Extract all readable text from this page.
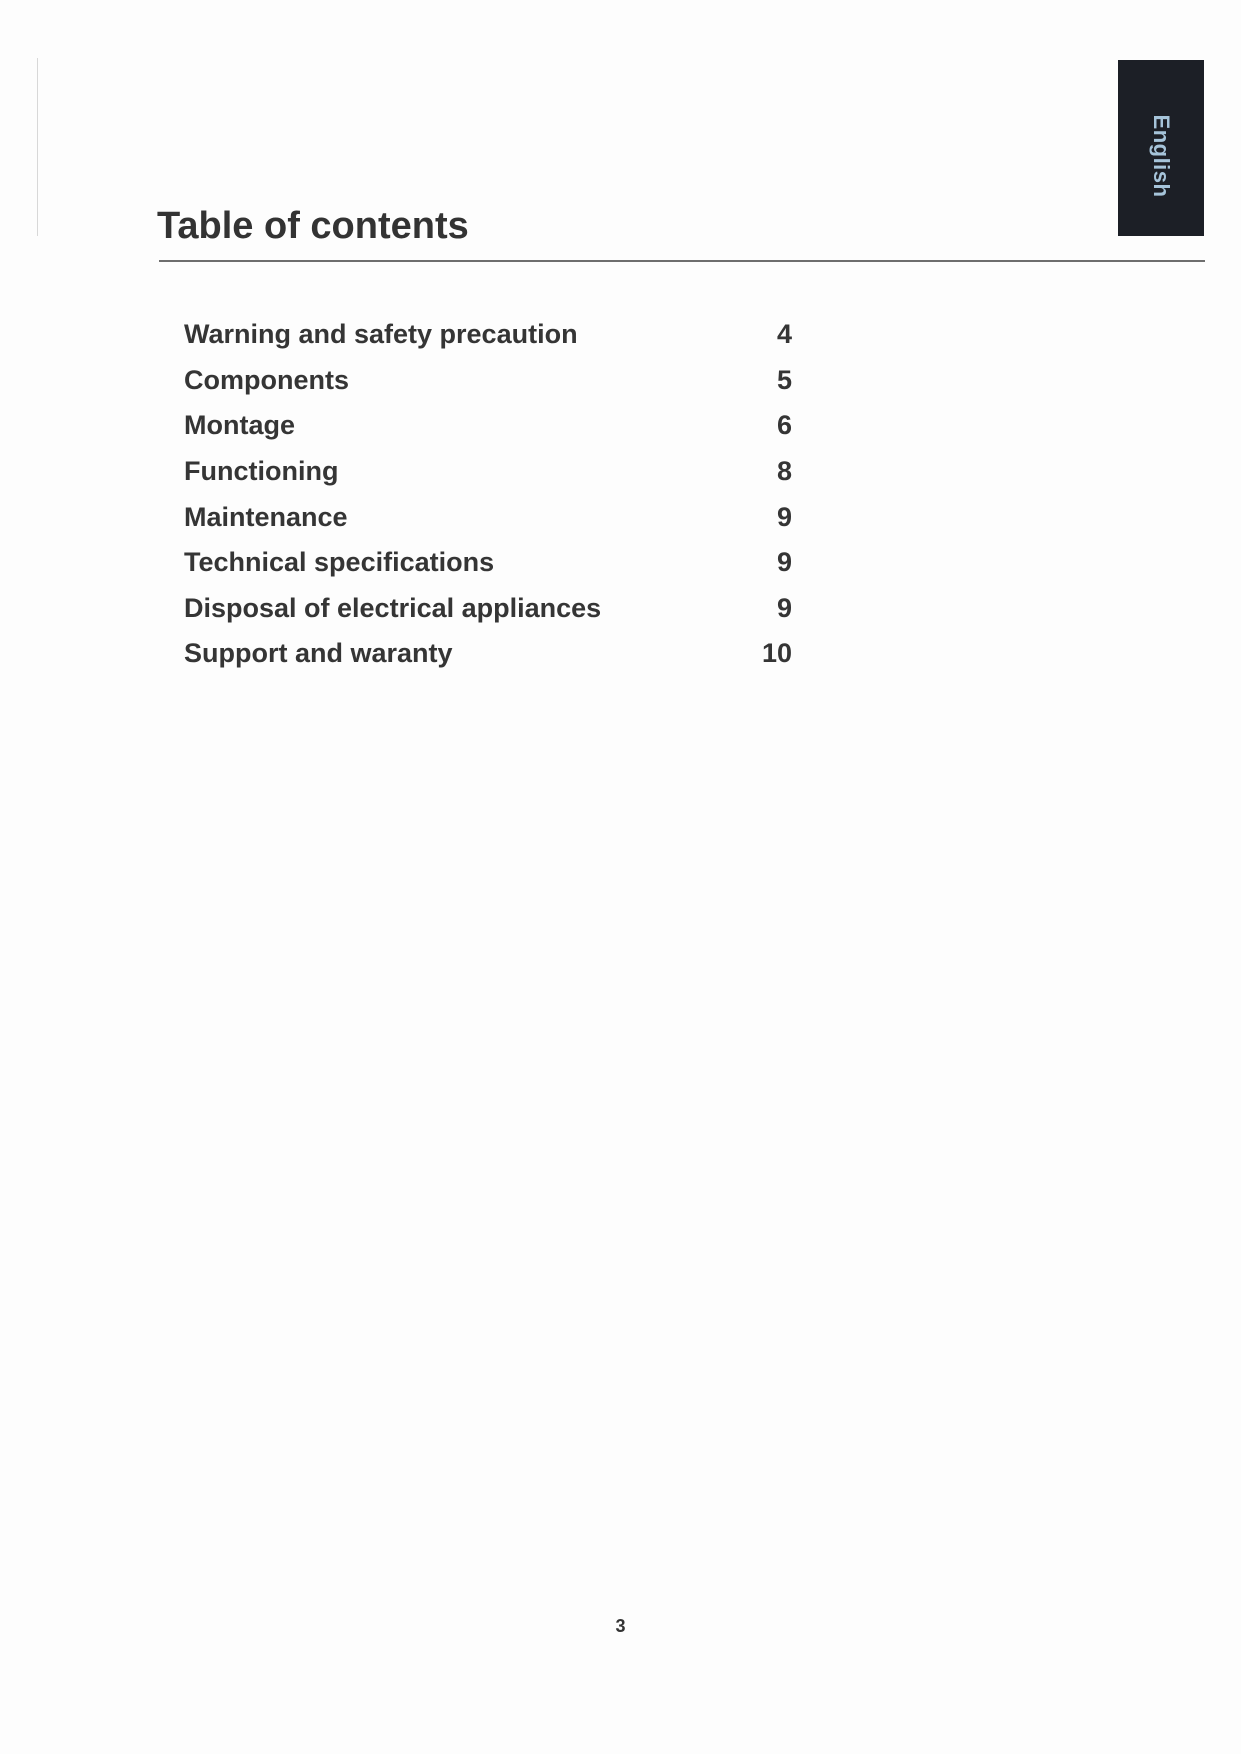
English
Table of contents
Warning and safety precaution	4
Components	5
Montage	6
Functioning	8
Maintenance	9
Technical specifications	9
Disposal of electrical appliances	9
Support and waranty	10
3
